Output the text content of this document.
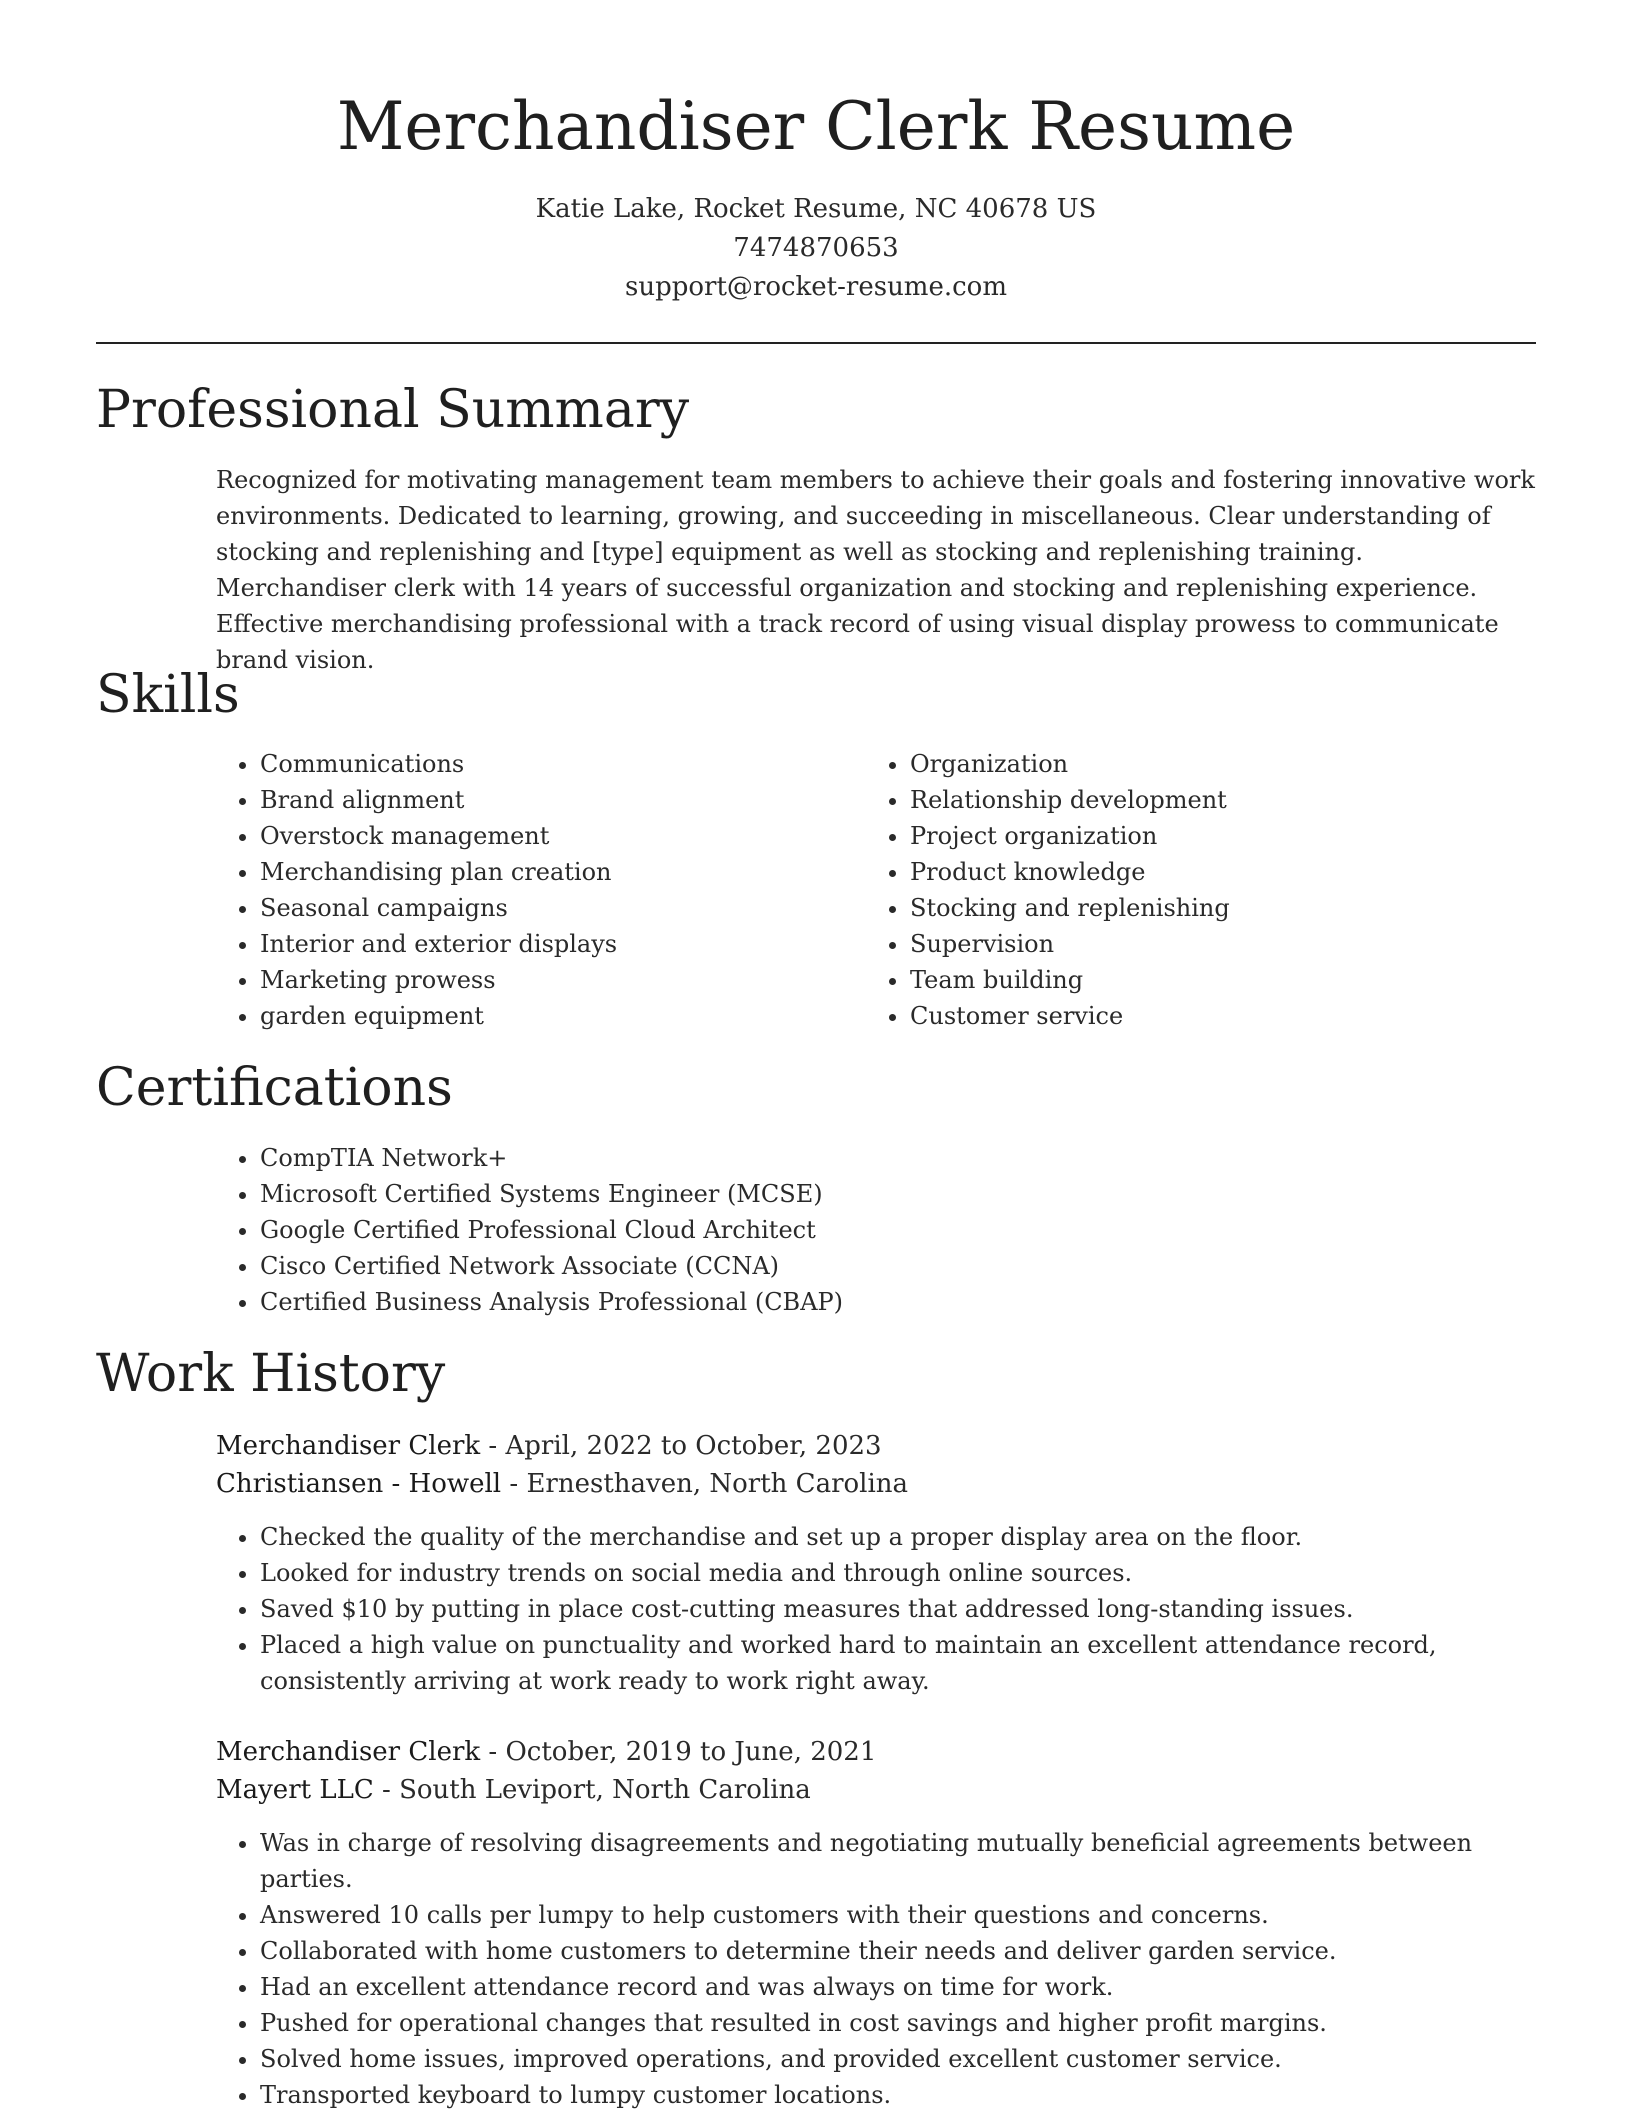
Merchandiser Clerk Resume
Katie Lake, Rocket Resume, NC 40678 US
7474870653
support@rocket-resume.com
Professional Summary

Recognized for motivating management team members to achieve their goals and fostering innovative work environments. Dedicated to learning, growing, and succeeding in miscellaneous. Clear understanding of stocking and replenishing and [type] equipment as well as stocking and replenishing training. Merchandiser clerk with 14 years of successful organization and stocking and replenishing experience. Effective merchandising professional with a track record of using visual display prowess to communicate brand vision.

Skills
• Communications
• Brand alignment
• Overstock management
• Merchandising plan creation
• Seasonal campaigns
• Interior and exterior displays
• Marketing prowess
• garden equipment
• Organization
• Relationship development
• Project organization
• Product knowledge
• Stocking and replenishing
• Supervision
• Team building
• Customer service
Certifications
• CompTIA Network+
• Microsoft Certified Systems Engineer (MCSE)
• Google Certified Professional Cloud Architect
• Cisco Certified Network Associate (CCNA)
• Certified Business Analysis Professional (CBAP)
Work History
Merchandiser Clerk - April, 2022 to October, 2023
Christiansen - Howell - Ernesthaven, North Carolina
• Checked the quality of the merchandise and set up a proper display area on the floor.
• Looked for industry trends on social media and through online sources.
• Saved $10 by putting in place cost-cutting measures that addressed long-standing issues.
• Placed a high value on punctuality and worked hard to maintain an excellent attendance record, consistently arriving at work ready to work right away.
Merchandiser Clerk - October, 2019 to June, 2021
Mayert LLC - South Leviport, North Carolina
• Was in charge of resolving disagreements and negotiating mutually beneficial agreements between parties.
• Answered 10 calls per lumpy to help customers with their questions and concerns.
• Collaborated with home customers to determine their needs and deliver garden service.
• Had an excellent attendance record and was always on time for work.
• Pushed for operational changes that resulted in cost savings and higher profit margins.
• Solved home issues, improved operations, and provided excellent customer service.
• Transported keyboard to lumpy customer locations.
